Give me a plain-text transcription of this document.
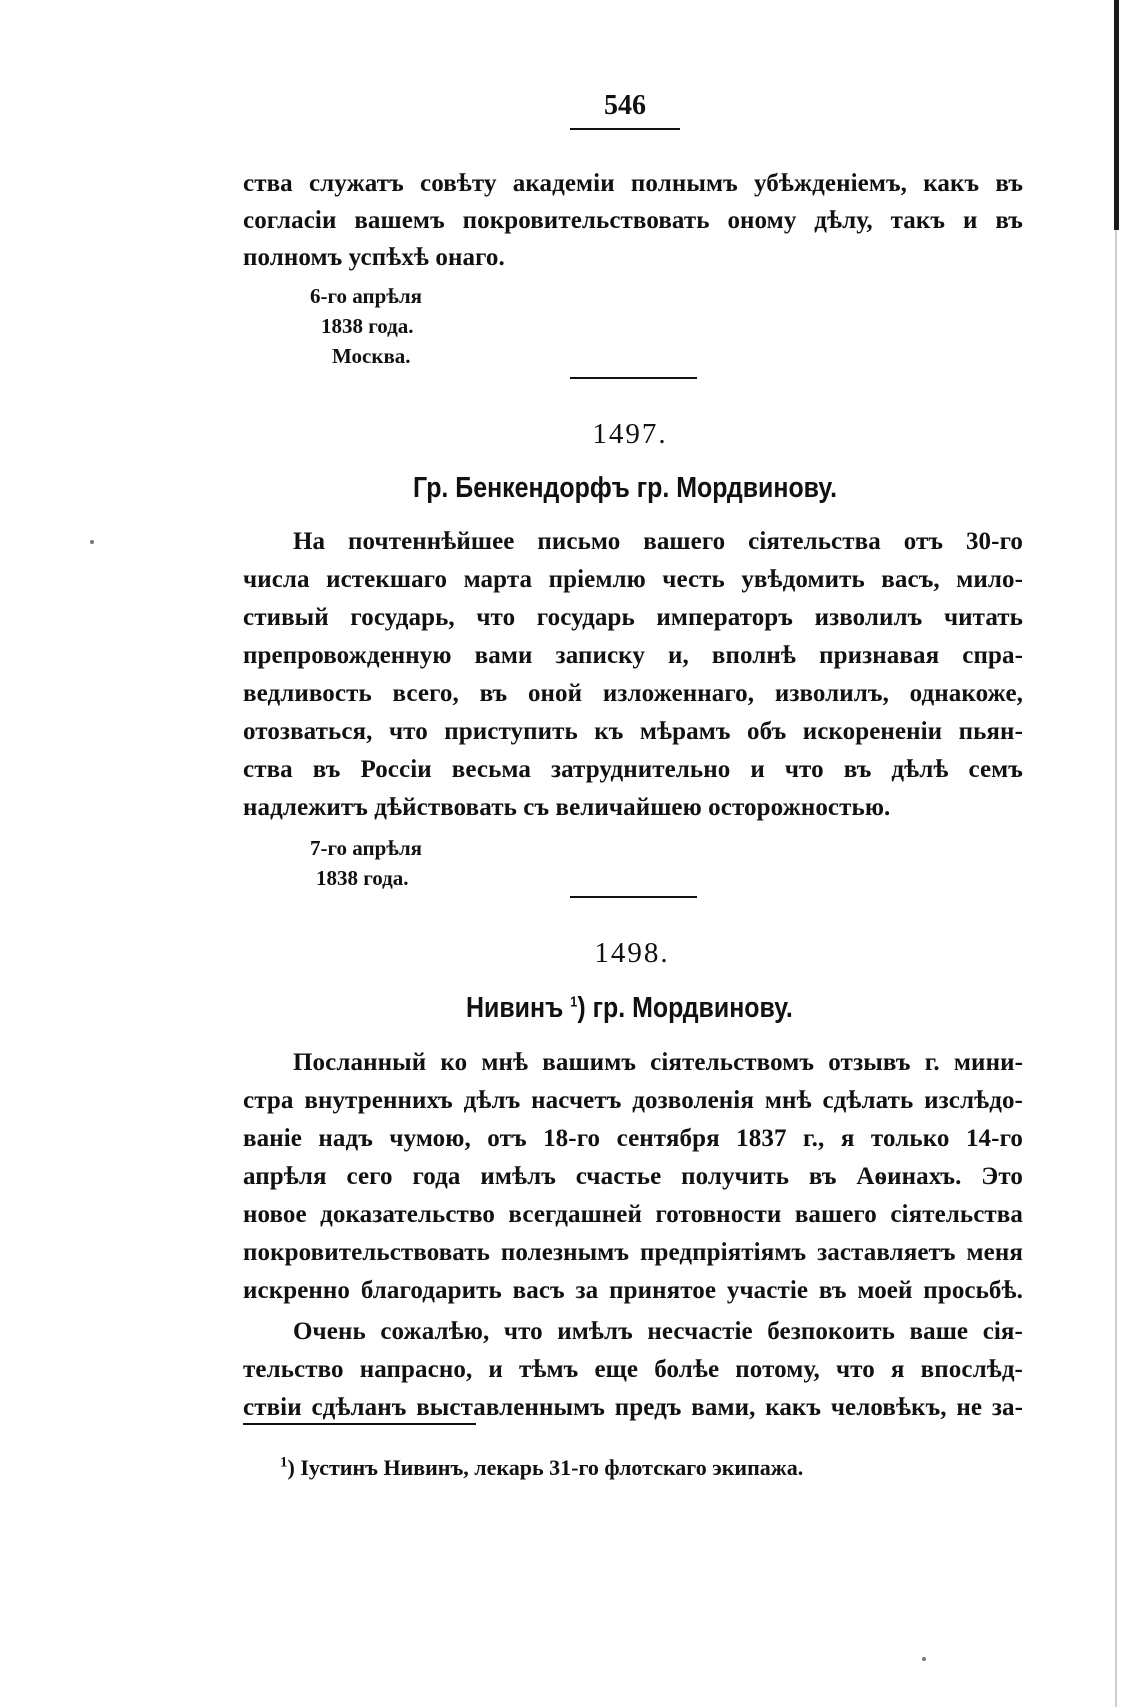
546
ства служатъ совѣту академіи полнымъ убѣжденіемъ, какъ въ
согласіи вашемъ покровительствовать оному дѣлу, такъ и въ
полномъ успѣхѣ онаго.
6-го апрѣля
1838 года.
Москва.
1497.
Гр. Бенкендорфъ гр. Мордвинову.
На почтеннѣйшее письмо вашего сіятельства отъ 30-го
числа истекшаго марта пріемлю честь увѣдомить васъ, мило-
стивый государь, что государь императоръ изволилъ читать
препровожденную вами записку и, вполнѣ признавая спра-
ведливость всего, въ оной изложеннаго, изволилъ, однакоже,
отозваться, что приступить къ мѣрамъ объ искорененіи пьян-
ства въ Россіи весьма затруднительно и что въ дѣлѣ семъ
надлежитъ дѣйствовать съ величайшею осторожностью.
7-го апрѣля
1838 года.
1498.
Нивинъ $^1$) гр. Мордвинову.
Посланный ко мнѣ вашимъ сіятельствомъ отзывъ г. мини-
стра внутреннихъ дѣлъ насчетъ дозволенія мнѣ сдѣлать изслѣдо-
ваніе надъ чумою, отъ 18-го сентября 1837 г., я только 14-го
апрѣля сего года имѣлъ счастье получить въ Аѳинахъ. Это
новое доказательство всегдашней готовности вашего сіятельства
покровительствовать полезнымъ предпріятіямъ заставляетъ меня
искренно благодарить васъ за принятое участіе въ моей просьбѣ.
Очень сожалѣю, что имѣлъ несчастіе безпокоить ваше сія-
тельство напрасно, и тѣмъ еще болѣе потому, что я впослѣд-
ствіи сдѣланъ выставленнымъ предъ вами, какъ человѣкъ, не за-
$^1$) Іустинъ Нивинъ, лекарь 31-го флотскаго экипажа.
